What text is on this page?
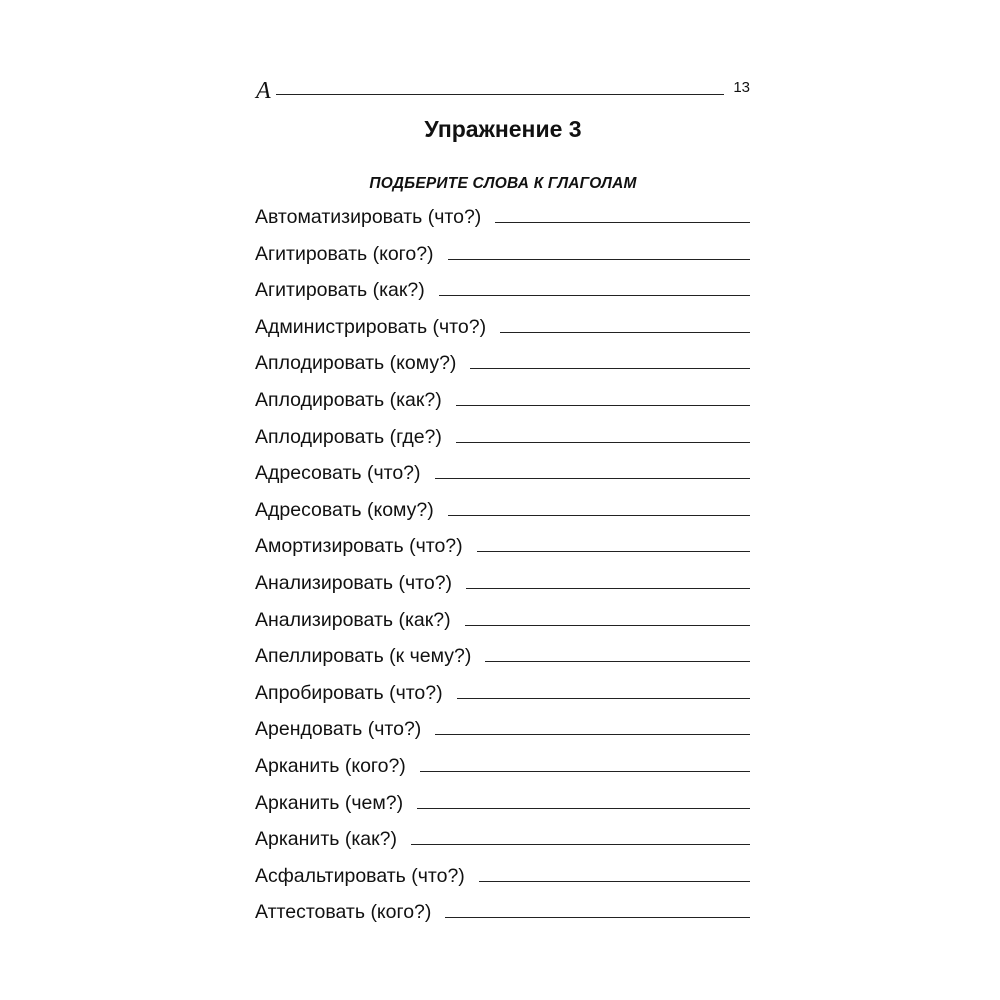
A	13
Упражнение 3

ПОДБЕРИТЕ СЛОВА К ГЛАГОЛАМ

Автоматизировать (что?)
Агитировать (кого?)
Агитировать (как?)
Администрировать (что?)
Аплодировать (кому?)
Аплодировать (как?)
Аплодировать (где?)
Адресовать (что?)
Адресовать (кому?)
Амортизировать (что?)
Анализировать (что?)
Анализировать (как?)
Апеллировать (к чему?)
Апробировать (что?)
Арендовать (что?)
Арканить (кого?)
Арканить (чем?)
Арканить (как?)
Асфальтировать (что?)
Аттестовать (кого?)
